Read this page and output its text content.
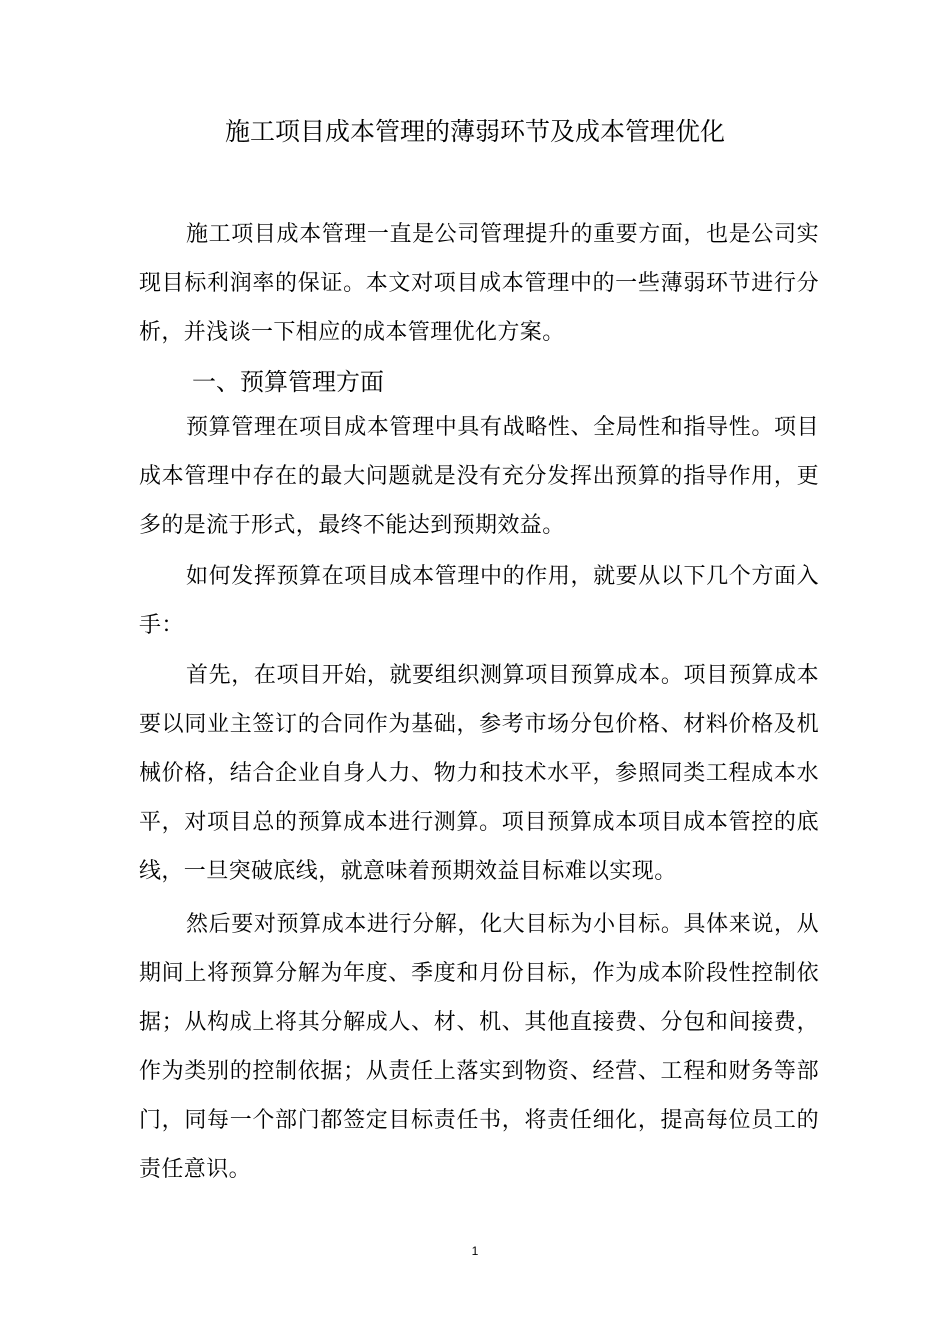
施工项目成本管理的薄弱环节及成本管理优化

施工项目成本管理一直是公司管理提升的重要方面，也是公司实现目标利润率的保证。本文对项目成本管理中的一些薄弱环节进行分析，并浅谈一下相应的成本管理优化方案。

一、预算管理方面

预算管理在项目成本管理中具有战略性、全局性和指导性。项目成本管理中存在的最大问题就是没有充分发挥出预算的指导作用，更多的是流于形式，最终不能达到预期效益。

如何发挥预算在项目成本管理中的作用，就要从以下几个方面入手：

首先，在项目开始，就要组织测算项目预算成本。项目预算成本要以同业主签订的合同作为基础，参考市场分包价格、材料价格及机械价格，结合企业自身人力、物力和技术水平，参照同类工程成本水平，对项目总的预算成本进行测算。项目预算成本项目成本管控的底线，一旦突破底线，就意味着预期效益目标难以实现。

然后要对预算成本进行分解，化大目标为小目标。具体来说，从期间上将预算分解为年度、季度和月份目标，作为成本阶段性控制依据；从构成上将其分解成人、材、机、其他直接费、分包和间接费，作为类别的控制依据；从责任上落实到物资、经营、工程和财务等部门，同每一个部门都签定目标责任书，将责任细化，提高每位员工的责任意识。

1
